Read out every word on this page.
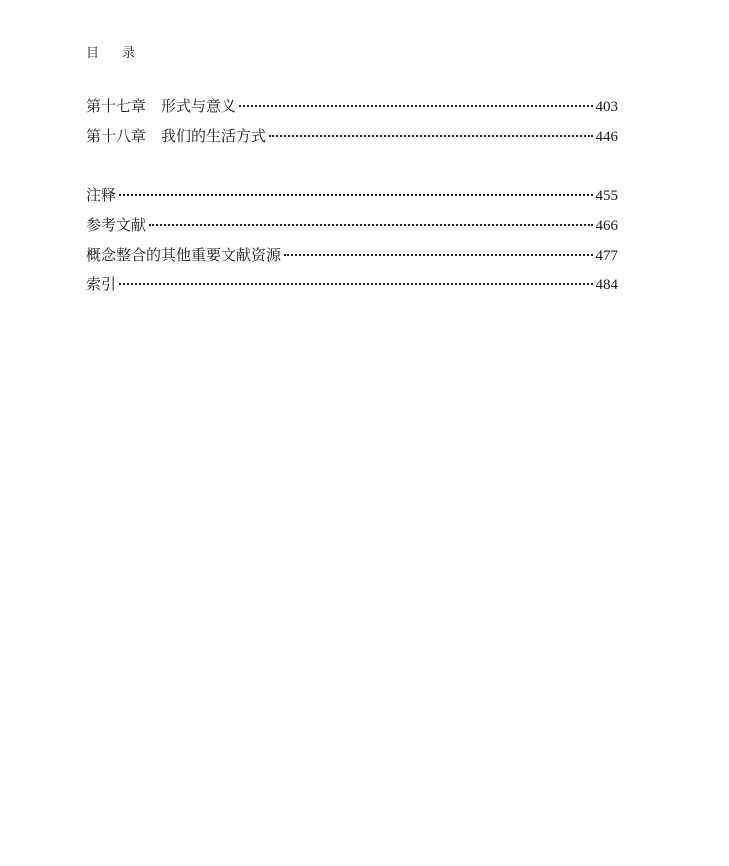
目 录
第十七章 形式与意义	403
第十八章 我们的生活方式	446
注释	455
参考文献	466
概念整合的其他重要文献资源	477
索引	484
